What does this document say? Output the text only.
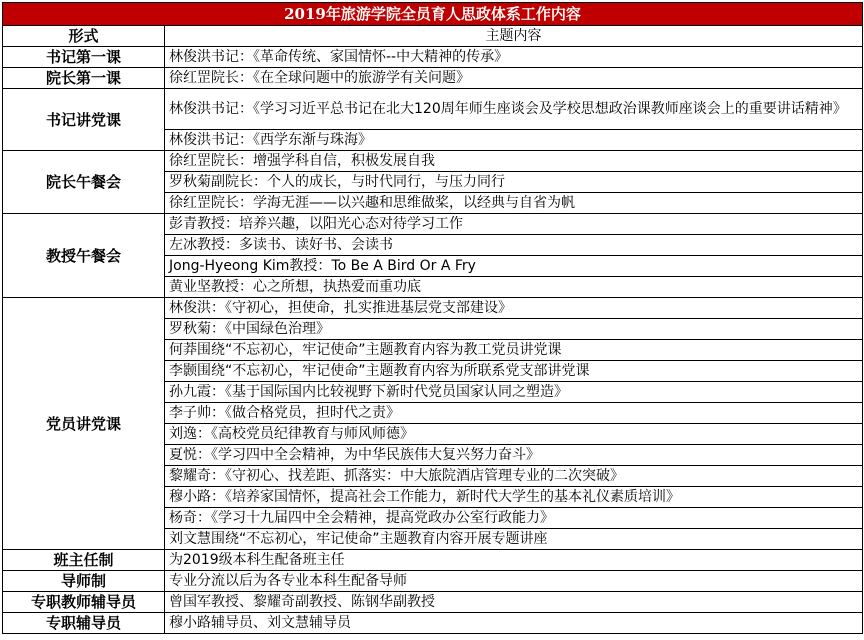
2019年旅游学院全员育人思政体系工作内容	
形式	主题内容
书记第一课	林俊洪书记：《革命传统、家国情怀--中大精神的传承》
院长第一课	徐红罡院长：《在全球问题中的旅游学有关问题》
书记讲党课	林俊洪书记：《学习习近平总书记在北大120周年师生座谈会及学校思想政治课教师座谈会上的重要讲话精神》
	林俊洪书记：《西学东渐与珠海》
院长午餐会	徐红罡院长：增强学科自信，积极发展自我
	罗秋菊副院长：个人的成长，与时代同行，与压力同行
	徐红罡院长：学海无涯——以兴趣和思维做桨，以经典与自省为帆
教授午餐会	彭青教授：培养兴趣，以阳光心态对待学习工作
	左冰教授：多读书、读好书、会读书
	Jong-Hyeong Kim教授：To Be A Bird Or A Fry
	黄业坚教授：心之所想，执热爱而重功底
党员讲党课	林俊洪：《守初心，担使命，扎实推进基层党支部建设》
	罗秋菊：《中国绿色治理》
	何莽围绕“不忘初心，牢记使命”主题教育内容为教工党员讲党课
	李颢围绕“不忘初心，牢记使命”主题教育内容为所联系党支部讲党课
	孙九霞：《基于国际国内比较视野下新时代党员国家认同之塑造》
	李子帅：《做合格党员，担时代之责》
	刘逸：《高校党员纪律教育与师风师德》
	夏悦：《学习四中全会精神，为中华民族伟大复兴努力奋斗》
	黎耀奇：《守初心、找差距、抓落实：中大旅院酒店管理专业的二次突破》
	穆小路：《培养家国情怀，提高社会工作能力，新时代大学生的基本礼仪素质培训》
	杨奇：《学习十九届四中全会精神，提高党政办公室行政能力》
	刘文慧围绕“不忘初心，牢记使命”主题教育内容开展专题讲座
班主任制	为2019级本科生配备班主任
导师制	专业分流以后为各专业本科生配备导师
专职教师辅导员	曾国军教授、黎耀奇副教授、陈钢华副教授
专职辅导员	穆小路辅导员、刘文慧辅导员
